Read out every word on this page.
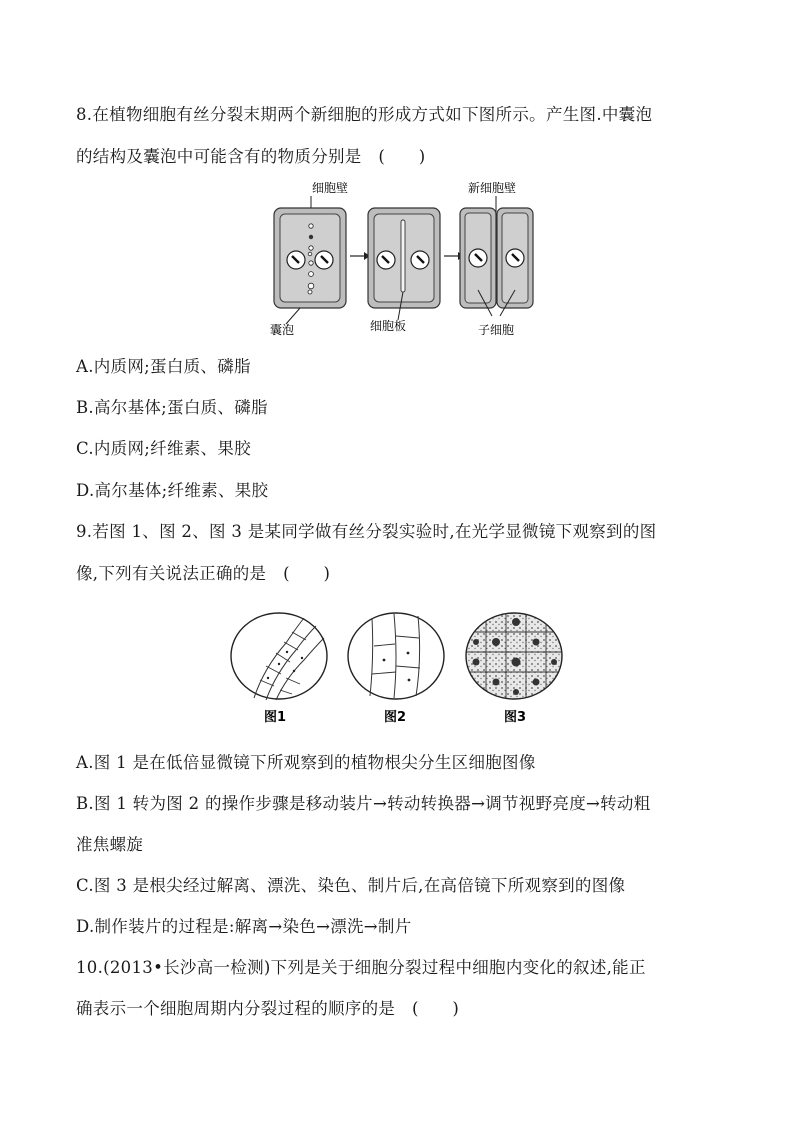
8.在植物细胞有丝分裂末期两个新细胞的形成方式如下图所示。产生图.中囊泡
的结构及囊泡中可能含有的物质分别是　(　　)
细胞壁	新细胞壁
囊泡	细胞板	子细胞
A.内质网;蛋白质、磷脂
B.高尔基体;蛋白质、磷脂
C.内质网;纤维素、果胶
D.高尔基体;纤维素、果胶
9.若图 1、图 2、图 3 是某同学做有丝分裂实验时,在光学显微镜下观察到的图
像,下列有关说法正确的是　(　　)
图1	图2	图3
A.图 1 是在低倍显微镜下所观察到的植物根尖分生区细胞图像
B.图 1 转为图 2 的操作步骤是移动装片→转动转换器→调节视野亮度→转动粗
准焦螺旋
C.图 3 是根尖经过解离、漂洗、染色、制片后,在高倍镜下所观察到的图像
D.制作装片的过程是:解离→染色→漂洗→制片
10.(2013•长沙高一检测)下列是关于细胞分裂过程中细胞内变化的叙述,能正
确表示一个细胞周期内分裂过程的顺序的是　(　　)
